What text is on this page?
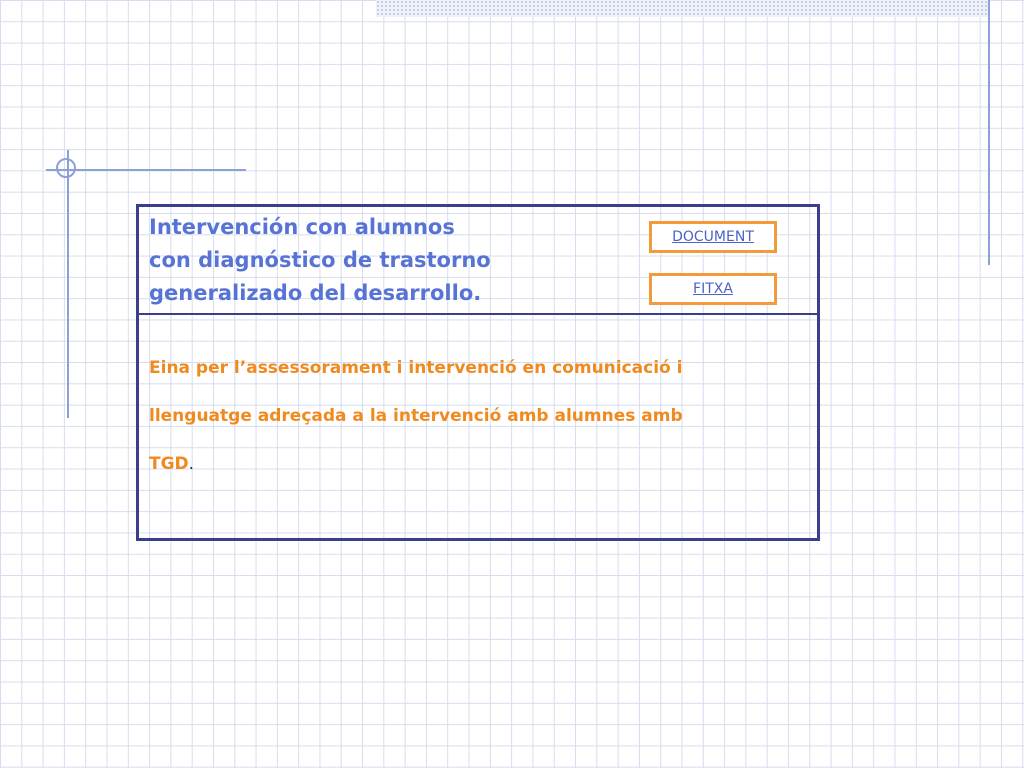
Intervención con alumnos
con diagnóstico de trastorno
generalizado del desarrollo.
DOCUMENT
FITXA

Eina per l’assessorament i intervenció en comunicació i
llenguatge adreçada a la intervenció amb alumnes amb
TGD.
